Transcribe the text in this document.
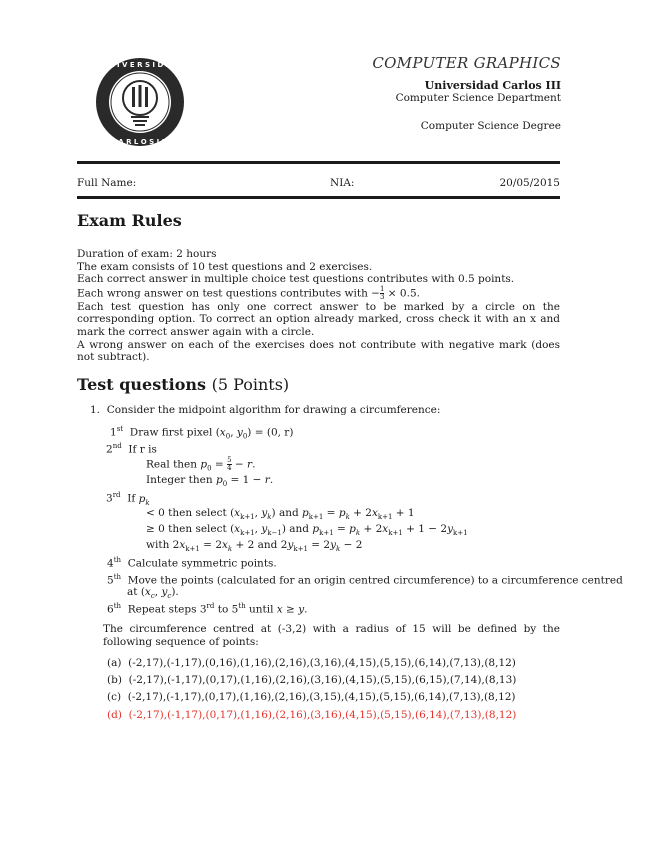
• U N I V E R S I D A D •
C A R L O S I I I
COMPUTER GRAPHICS
Universidad Carlos III
Computer Science Department
Computer Science Degree
Full Name:	NIA:	20/05/2015
Exam Rules

Duration of exam: 2 hours

The exam consists of 10 test questions and 2 exercises.

Each correct answer in multiple choice test questions contributes with 0.5 points.

Each wrong answer on test questions contributes with − $\frac{1}{3} \times 0.5$.

Each test question has only one correct answer to be marked by a circle on the corresponding option. To correct an option already marked, cross check it with an x and mark the correct answer again with a circle.

A wrong answer on each of the exercises does not contribute with negative mark (does not subtract).

Test questions (5 Points)
1. Consider the midpoint algorithm for drawing a circumference:
1st Draw first pixel ($x_0$, $y_0) = (0$, r)
2nd If r is
Real then $p_0 = \frac{5}{4} - r$.
Integer then $p_0 = 1 - r$.
3rd If $p_k$
< 0 then select ($x_{k+1}$, $y_k$) and $p_{k+1} = p_k + 2x_{k+1} + 1$
≥ 0 then select ($x_{k+1}$, $y_{k-1}$) and $p_{k+1} = p_k + 2x_{k+1} + 1 - 2y_{k+1}$
with $2x_{k+1} = 2x_k + 2$ and $2y_{k+1} = 2y_k - 2$
4th Calculate symmetric points.
5th Move the points (calculated for an origin centred circumference) to a circumference centred
at ($x_c$, $y_c$).
6th Repeat steps 3rd to 5th until x ≥ y.
The circumference centred at (-3,2) with a radius of 15 will be defined by the following sequence of points:
(a) (-2,17),(-1,17),(0,16),(1,16),(2,16),(3,16),(4,15),(5,15),(6,14),(7,13),(8,12)
(b) (-2,17),(-1,17),(0,17),(1,16),(2,16),(3,16),(4,15),(5,15),(6,15),(7,14),(8,13)
(c) (-2,17),(-1,17),(0,17),(1,16),(2,16),(3,15),(4,15),(5,15),(6,14),(7,13),(8,12)
(d) (-2,17),(-1,17),(0,17),(1,16),(2,16),(3,16),(4,15),(5,15),(6,14),(7,13),(8,12)
